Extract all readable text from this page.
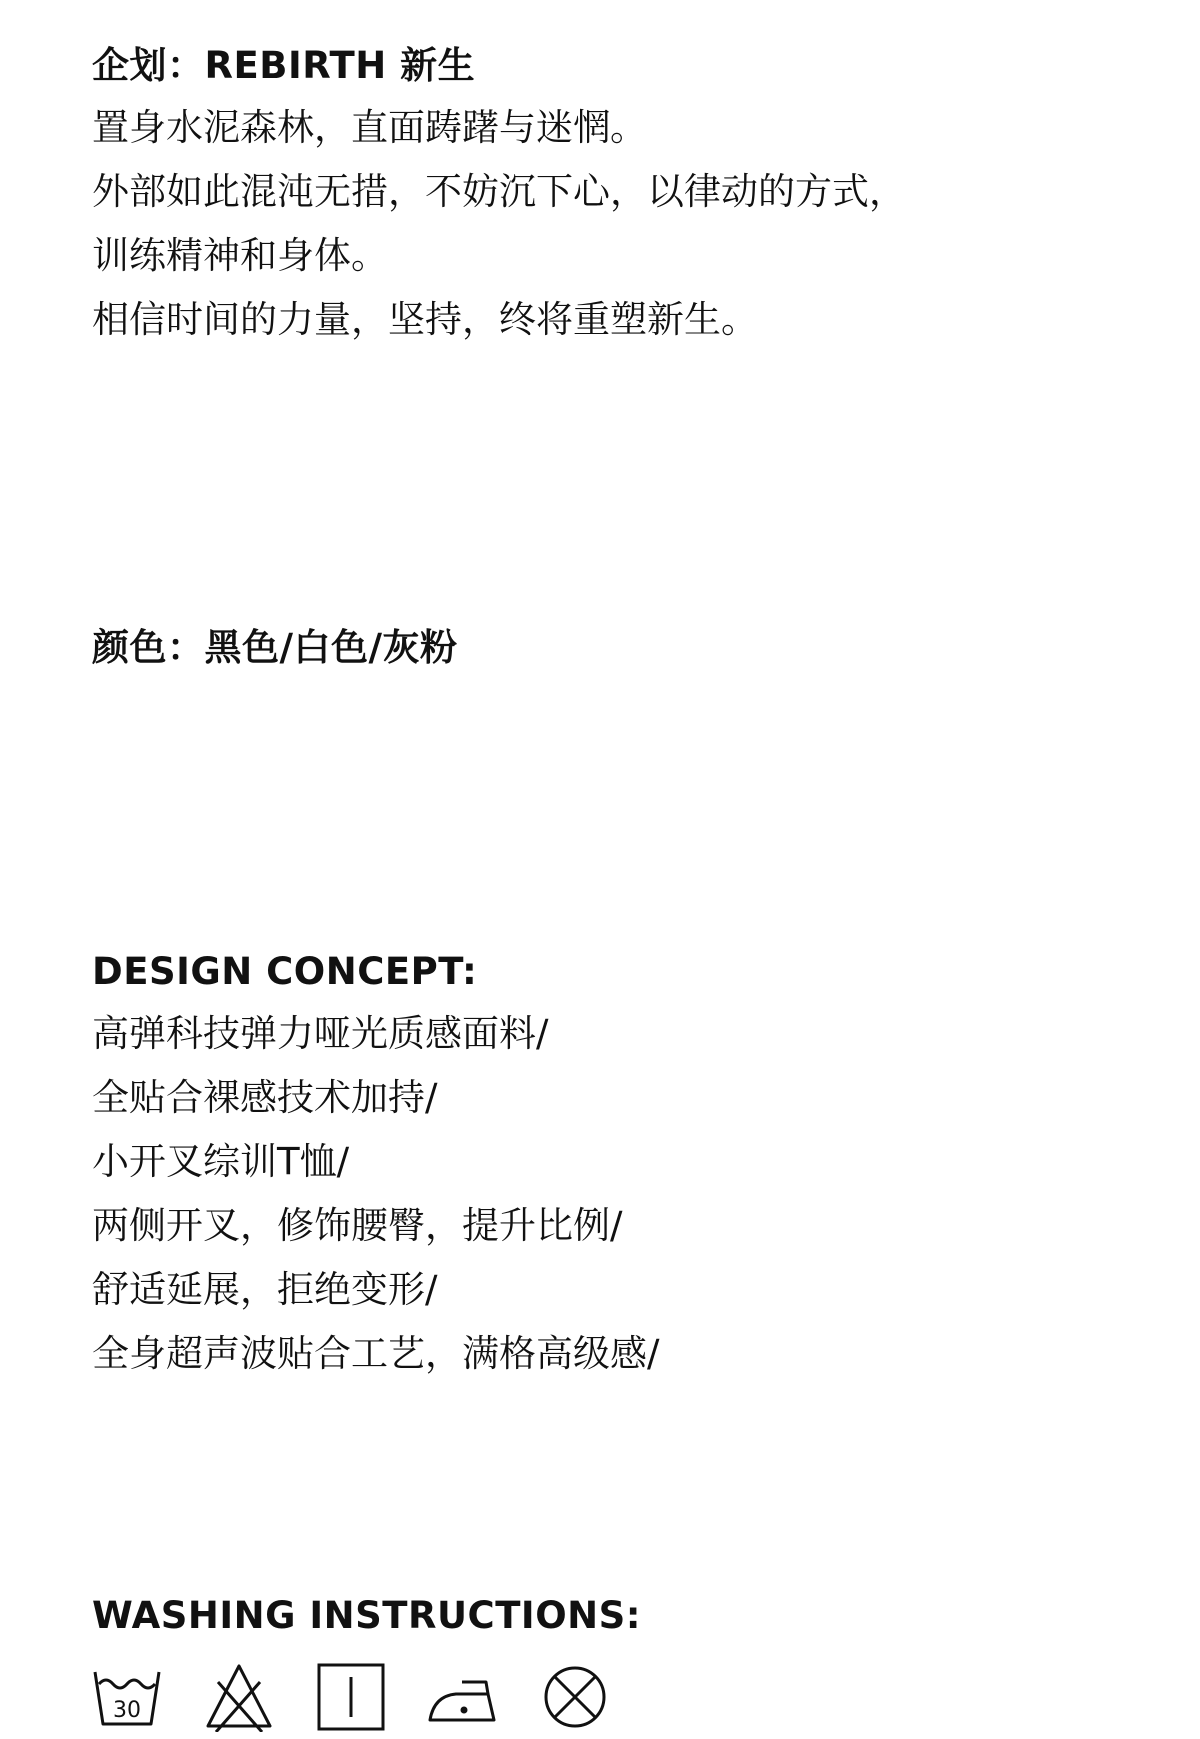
企划：REBIRTH 新生

置身水泥森林，直面踌躇与迷惘。

外部如此混沌无措，不妨沉下心，以律动的方式，

训练精神和身体。

相信时间的力量，坚持，终将重塑新生。

颜色：黑色/白色/灰粉

DESIGN CONCEPT:

高弹科技弹力哑光质感面料/

全贴合裸感技术加持/

小开叉综训T恤/

两侧开叉，修饰腰臀，提升比例/

舒适延展，拒绝变形/

全身超声波贴合工艺，满格高级感/

WASHING INSTRUCTIONS:

30
